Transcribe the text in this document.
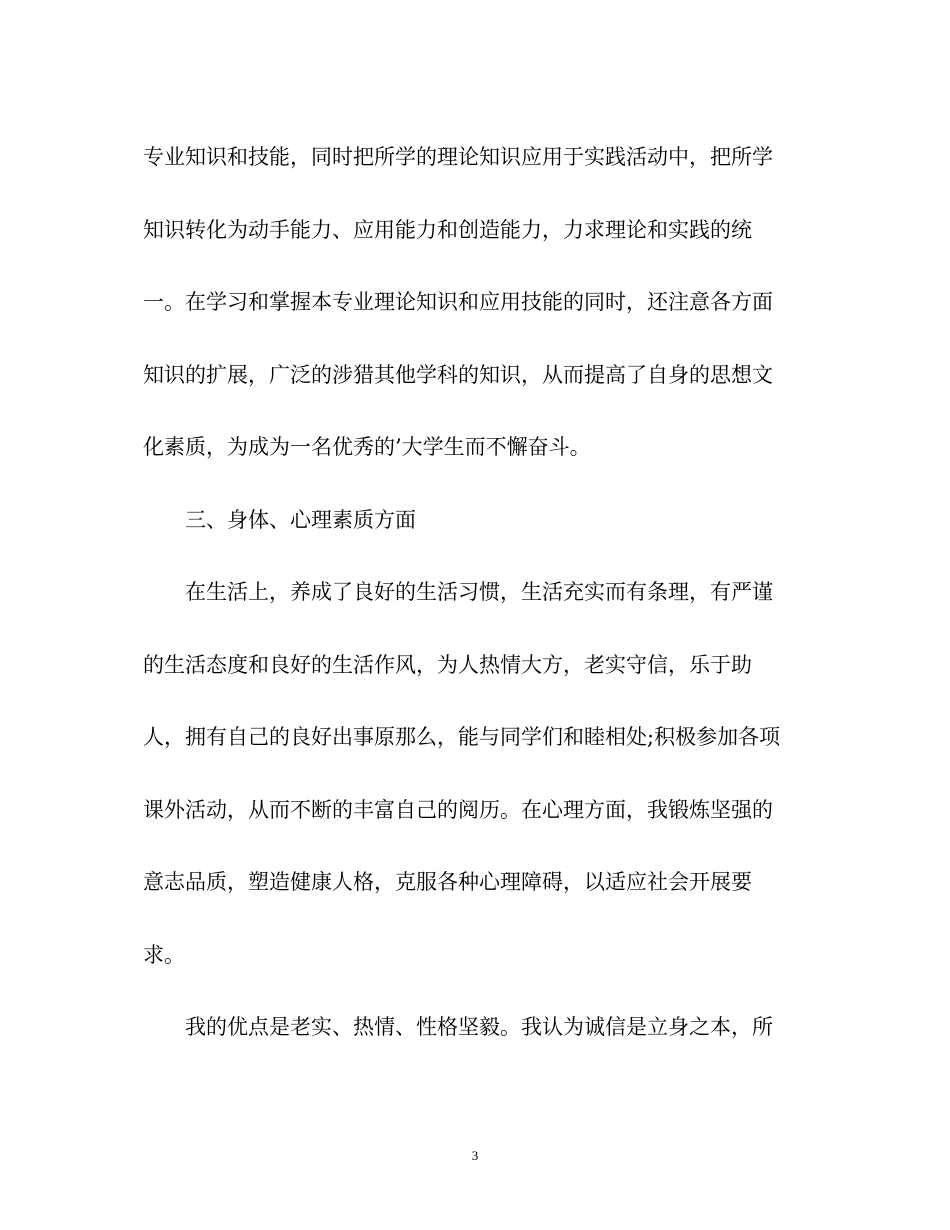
专业知识和技能，同时把所学的理论知识应用于实践活动中，把所学
知识转化为动手能力、应用能力和创造能力，力求理论和实践的统
一。在学习和掌握本专业理论知识和应用技能的同时，还注意各方面
知识的扩展，广泛的涉猎其他学科的知识，从而提高了自身的思想文
化素质，为成为一名优秀的’大学生而不懈奋斗。
三、身体、心理素质方面
在生活上，养成了良好的生活习惯，生活充实而有条理，有严谨
的生活态度和良好的生活作风，为人热情大方，老实守信，乐于助
人，拥有自己的良好出事原那么，能与同学们和睦相处;积极参加各项
课外活动，从而不断的丰富自己的阅历。在心理方面，我锻炼坚强的
意志品质，塑造健康人格，克服各种心理障碍，以适应社会开展要
求。
我的优点是老实、热情、性格坚毅。我认为诚信是立身之本，所
3
